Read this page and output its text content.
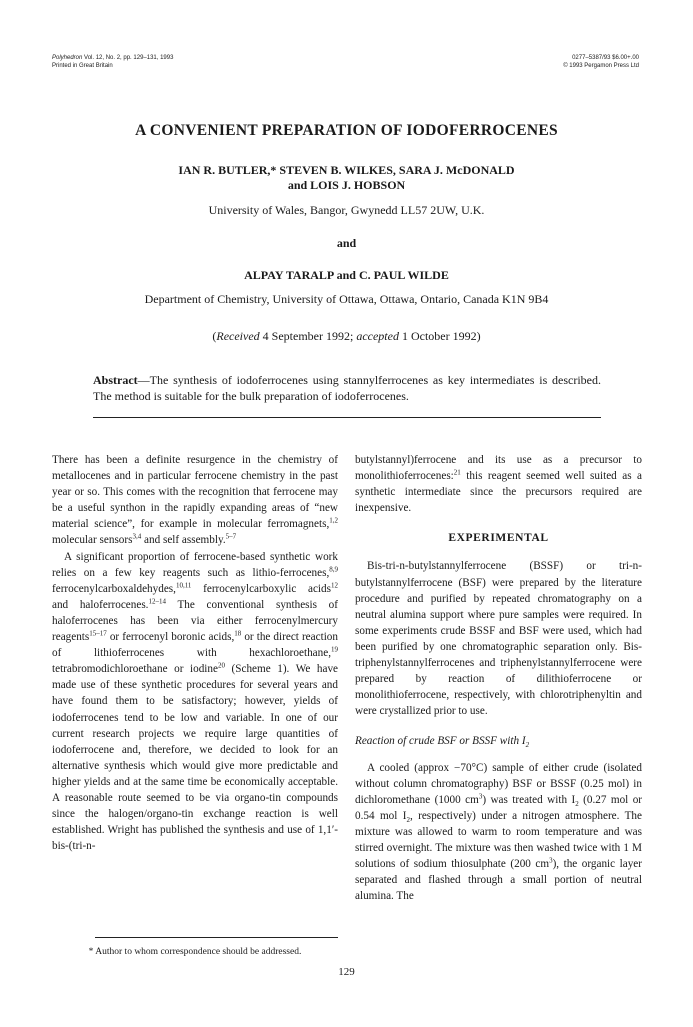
Polyhedron Vol. 12, No. 2, pp. 129–131, 1993
Printed in Great Britain
0277–5387/93 $6.00+.00
© 1993 Pergamon Press Ltd
A CONVENIENT PREPARATION OF IODOFERROCENES
IAN R. BUTLER,* STEVEN B. WILKES, SARA J. McDONALD
and LOIS J. HOBSON
University of Wales, Bangor, Gwynedd LL57 2UW, U.K.
and
ALPAY TARALP and C. PAUL WILDE
Department of Chemistry, University of Ottawa, Ottawa, Ontario, Canada K1N 9B4
(Received 4 September 1992; accepted 1 October 1992)
Abstract—The synthesis of iodoferrocenes using stannylferrocenes as key intermediates is described. The method is suitable for the bulk preparation of iodoferrocenes.

There has been a definite resurgence in the chemistry of metallocenes and in particular ferrocene chemistry in the past year or so. This comes with the recognition that ferrocene may be a useful synthon in the rapidly expanding areas of “new material science”, for example in molecular ferromagnets,$^{1,2}$ molecular sensors$^{3,4}$ and self assembly.$^{5-7}$

A significant proportion of ferrocene-based synthetic work relies on a few key reagents such as lithio-ferrocenes,$^{8,9}$ ferrocenylcarboxaldehydes,$^{10,11}$ ferrocenylcarboxylic acids$^{12}$ and haloferrocenes.$^{12-14}$ The conventional synthesis of haloferrocenes has been via either ferrocenylmercury reagents$^{15-17}$ or ferrocenyl boronic acids,$^{18}$ or the direct reaction of lithioferrocenes with hexachloroethane,$^{19}$ tetrabromodichloroethane or iodine$^{20}$ (Scheme 1). We have made use of these synthetic procedures for several years and have found them to be satisfactory; however, yields of iodoferrocenes tend to be low and variable. In one of our current research projects we require large quantities of iodoferrocene and, therefore, we decided to look for an alternative synthesis which would give more predictable and higher yields and at the same time be economically acceptable. A reasonable route seemed to be via organo-tin compounds since the halogen/organo-tin exchange reaction is well established. Wright has published the synthesis and use of 1,1′-bis-(tri-n-

butylstannyl)ferrocene and its use as a precursor to monolithioferrocenes:$^{21}$ this reagent seemed well suited as a synthetic intermediate since the precursors required are inexpensive.

EXPERIMENTAL

Bis-tri-n-butylstannylferrocene (BSSF) or tri-n-butylstannylferrocene (BSF) were prepared by the literature procedure and purified by repeated chromatography on a neutral alumina support where pure samples were required. In some experiments crude BSSF and BSF were used, which had been purified by one chromatographic separation only. Bis-triphenylstannylferrocenes and triphenylstannylferrocene were prepared by reaction of dilithioferrocene or monolithioferrocene, respectively, with chlorotriphenyltin and were crystallized prior to use.

Reaction of crude BSF or BSSF with $I_2$

A cooled (approx −70°C) sample of either crude (isolated without column chromatography) BSF or BSSF (0.25 mol) in dichloromethane (1000 $cm^3$) was treated with $I_2$ (0.27 mol or 0.54 mol $I_2$, respectively) under a nitrogen atmosphere. The mixture was allowed to warm to room temperature and was stirred overnight. The mixture was then washed twice with 1 M solutions of sodium thiosulphate (200 $cm^3$), the organic layer separated and flashed through a small portion of neutral alumina. The

* Author to whom correspondence should be addressed.
129
